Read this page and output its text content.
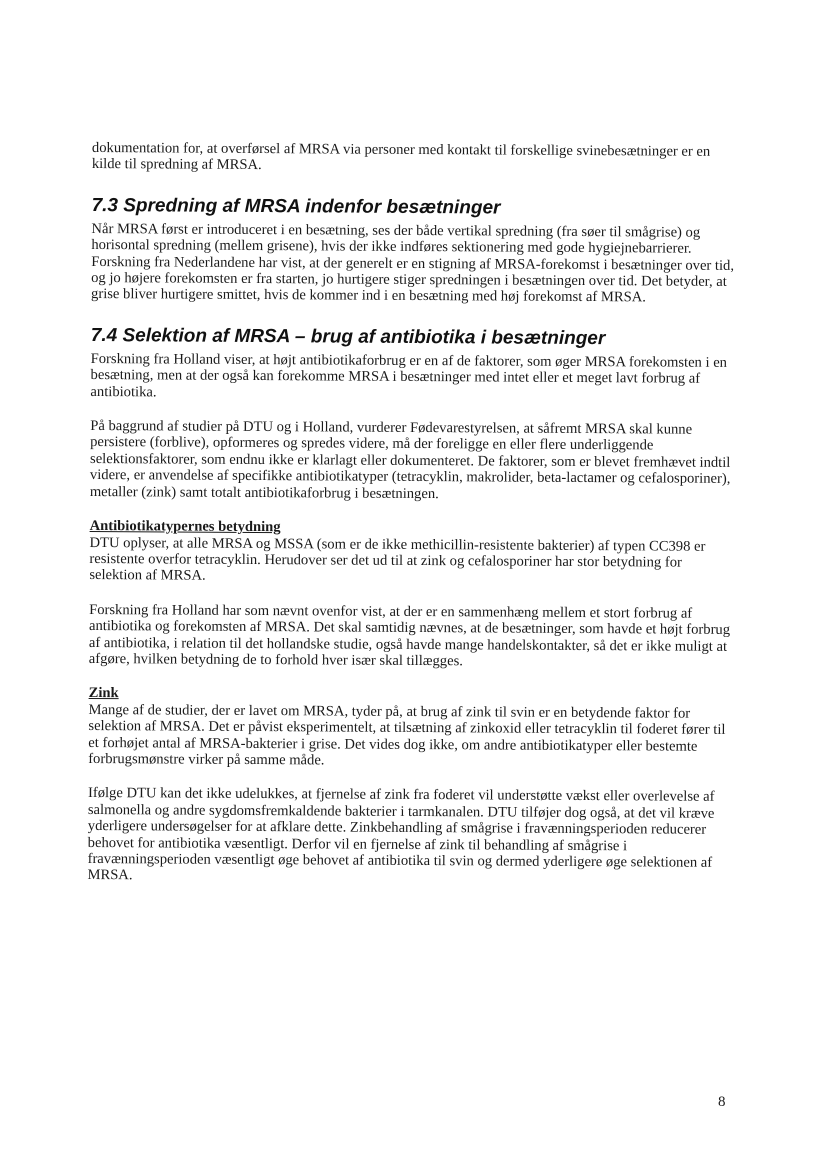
dokumentation for, at overførsel af MRSA via personer med kontakt til forskellige svinebesætninger er en kilde til spredning af MRSA.

7.3 Spredning af MRSA indenfor besætninger

Når MRSA først er introduceret i en besætning, ses der både vertikal spredning (fra søer til smågrise) og horisontal spredning (mellem grisene), hvis der ikke indføres sektionering med gode hygiejnebarrierer. Forskning fra Nederlandene har vist, at der generelt er en stigning af MRSA-forekomst i besætninger over tid, og jo højere forekomsten er fra starten, jo hurtigere stiger spredningen i besætningen over tid. Det betyder, at grise bliver hurtigere smittet, hvis de kommer ind i en besætning med høj forekomst af MRSA.

7.4 Selektion af MRSA – brug af antibiotika i besætninger

Forskning fra Holland viser, at højt antibiotikaforbrug er en af de faktorer, som øger MRSA forekomsten i en besætning, men at der også kan forekomme MRSA i besætninger med intet eller et meget lavt forbrug af antibiotika.

På baggrund af studier på DTU og i Holland, vurderer Fødevarestyrelsen, at såfremt MRSA skal kunne persistere (forblive), opformeres og spredes videre, må der foreligge en eller flere underliggende selektionsfaktorer, som endnu ikke er klarlagt eller dokumenteret. De faktorer, som er blevet fremhævet indtil videre, er anvendelse af specifikke antibiotikatyper (tetracyklin, makrolider, beta-lactamer og cefalosporiner), metaller (zink) samt totalt antibiotikaforbrug i besætningen.

Antibiotikatypernes betydning

DTU oplyser, at alle MRSA og MSSA (som er de ikke methicillin-resistente bakterier) af typen CC398 er resistente overfor tetracyklin. Herudover ser det ud til at zink og cefalosporiner har stor betydning for selektion af MRSA.

Forskning fra Holland har som nævnt ovenfor vist, at der er en sammenhæng mellem et stort forbrug af antibiotika og forekomsten af MRSA. Det skal samtidig nævnes, at de besætninger, som havde et højt forbrug af antibiotika, i relation til det hollandske studie, også havde mange handelskontakter, så det er ikke muligt at afgøre, hvilken betydning de to forhold hver især skal tillægges.

Zink

Mange af de studier, der er lavet om MRSA, tyder på, at brug af zink til svin er en betydende faktor for selektion af MRSA. Det er påvist eksperimentelt, at tilsætning af zinkoxid eller tetracyklin til foderet fører til et forhøjet antal af MRSA-bakterier i grise. Det vides dog ikke, om andre antibiotikatyper eller bestemte forbrugsmønstre virker på samme måde.

Ifølge DTU kan det ikke udelukkes, at fjernelse af zink fra foderet vil understøtte vækst eller overlevelse af salmonella og andre sygdomsfremkaldende bakterier i tarmkanalen. DTU tilføjer dog også, at det vil kræve yderligere undersøgelser for at afklare dette. Zinkbehandling af smågrise i fravænningsperioden reducerer behovet for antibiotika væsentligt. Derfor vil en fjernelse af zink til behandling af smågrise i fravænningsperioden væsentligt øge behovet af antibiotika til svin og dermed yderligere øge selektionen af MRSA.

8
